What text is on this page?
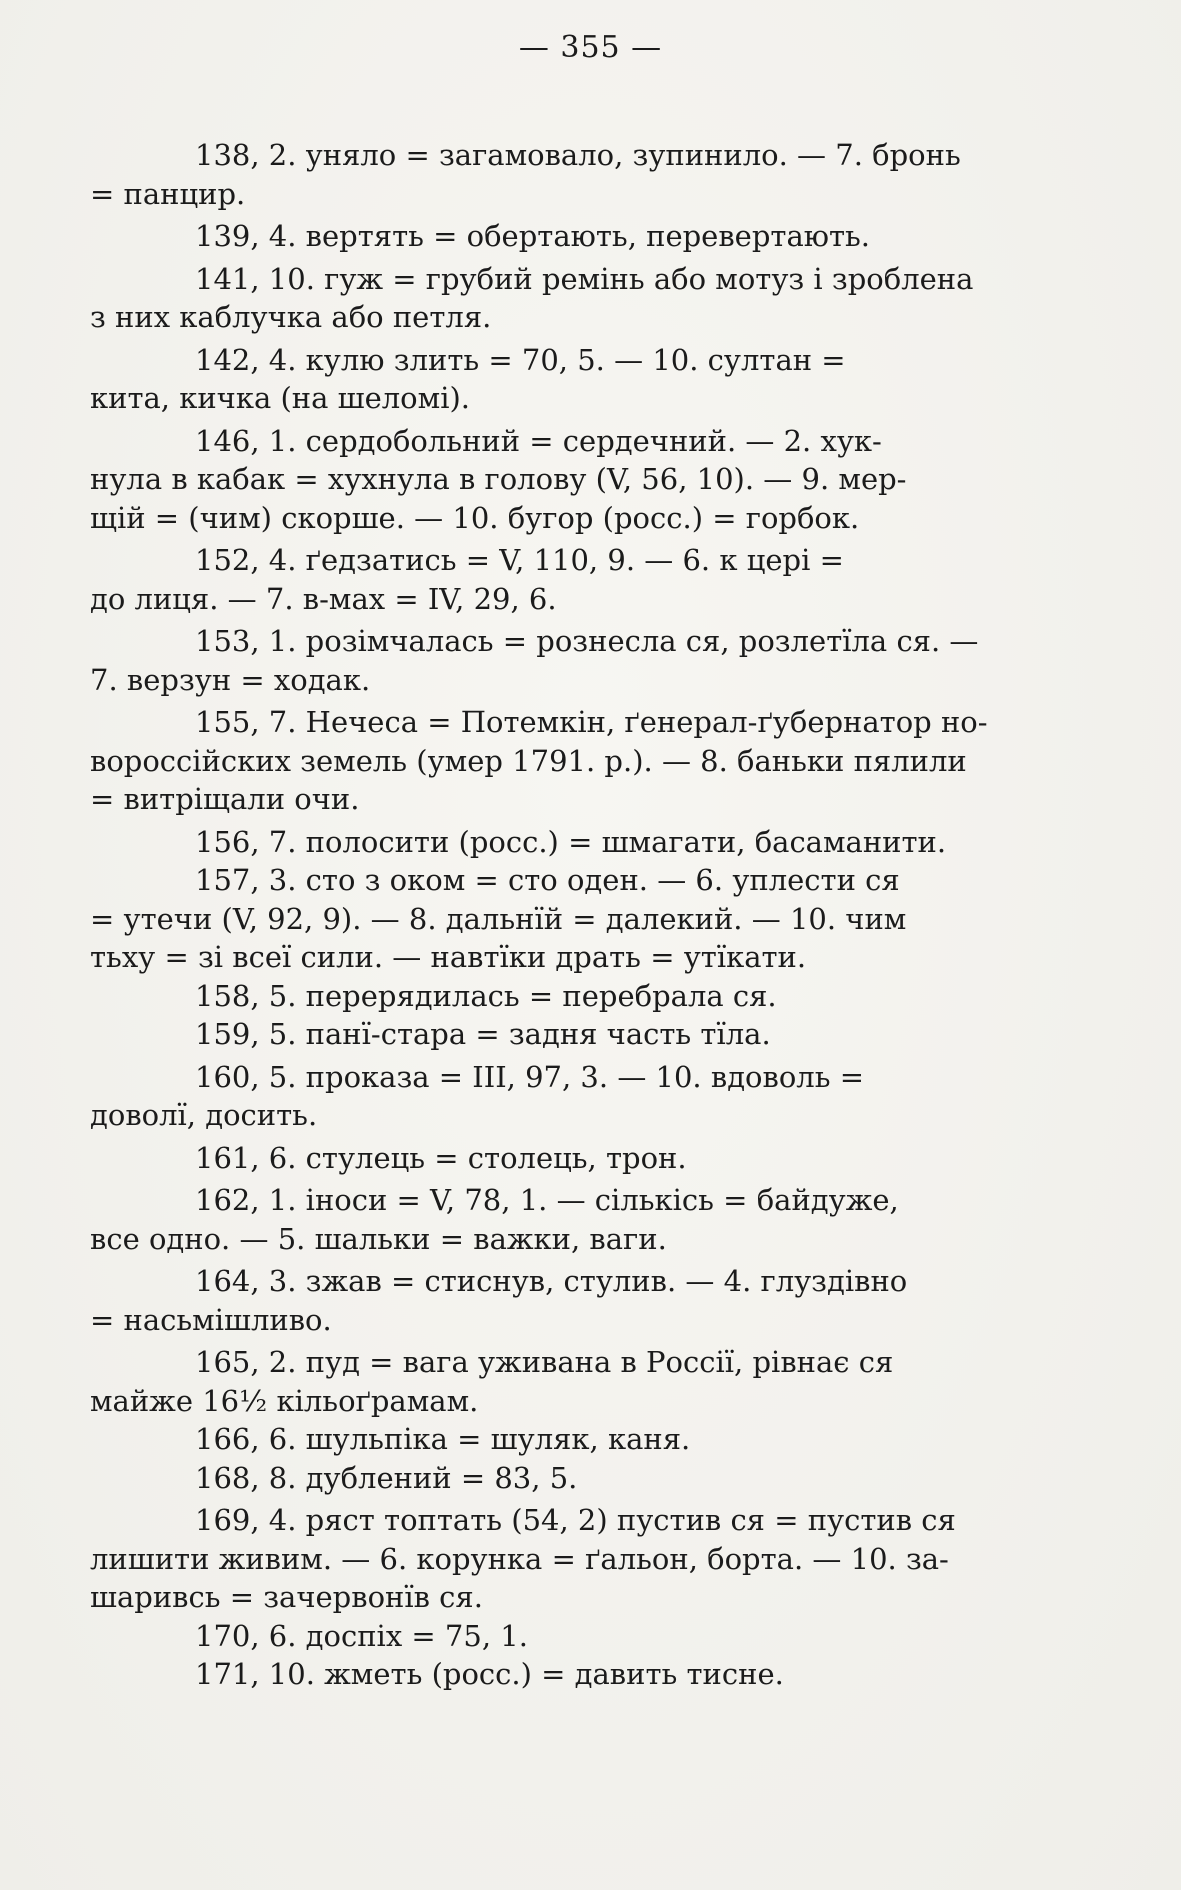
— 355 —
138, 2. уняло = загамовало, зупинило. — 7. бронь
= панцир.
139, 4. вертять = обертають, перевертають.
141, 10. гуж = грубий ремінь або мотуз і зроблена
з них каблучка або петля.
142, 4. кулю злить = 70, 5. — 10. султан =
кита, кичка (на шеломі).
146, 1. сердобольний = сердечний. — 2. хук-
нула в кабак = хухнула в голову (V, 56, 10). — 9. мер-
щій = (чим) скорше. — 10. бугор (росс.) = горбок.
152, 4. ґедзатись = V, 110, 9. — 6. к цері =
до лиця. — 7. в-мах = IV, 29, 6.
153, 1. розімчалась = рознесла ся, розлетїла ся. —
7. верзун = ходак.
155, 7. Нечеса = Потемкін, ґенерал-ґубернатор но-
вороссійских земель (умер 1791. р.). — 8. баньки пялили
= витріщали очи.
156, 7. полосити (росс.) = шмагати, басаманити.
157, 3. сто з оком = сто оден. — 6. уплести ся
= утечи (V, 92, 9). — 8. дальнїй = далекий. — 10. чим
тьху = зі всеї сили. — навтїки драть = утїкати.
158, 5. перерядилась = перебрала ся.
159, 5. панї-стара = задня часть тїла.
160, 5. проказа = III, 97, 3. — 10. вдоволь =
доволї, досить.
161, 6. стулець = столець, трон.
162, 1. іноси = V, 78, 1. — сількісь = байдуже,
все одно. — 5. шальки = важки, ваги.
164, 3. зжав = стиснув, стулив. — 4. глуздівно
= насьмішливо.
165, 2. пуд = вага уживана в Россії, рівнає ся
майже 16½ кільоґрамам.
166, 6. шульпіка = шуляк, каня.
168, 8. дублений = 83, 5.
169, 4. ряст топтать (54, 2) пустив ся = пустив ся
лишити живим. — 6. корунка = ґальон, борта. — 10. за-
шаривсь = зачервонїв ся.
170, 6. доспіх = 75, 1.
171, 10. жметь (росс.) = давить тисне.
